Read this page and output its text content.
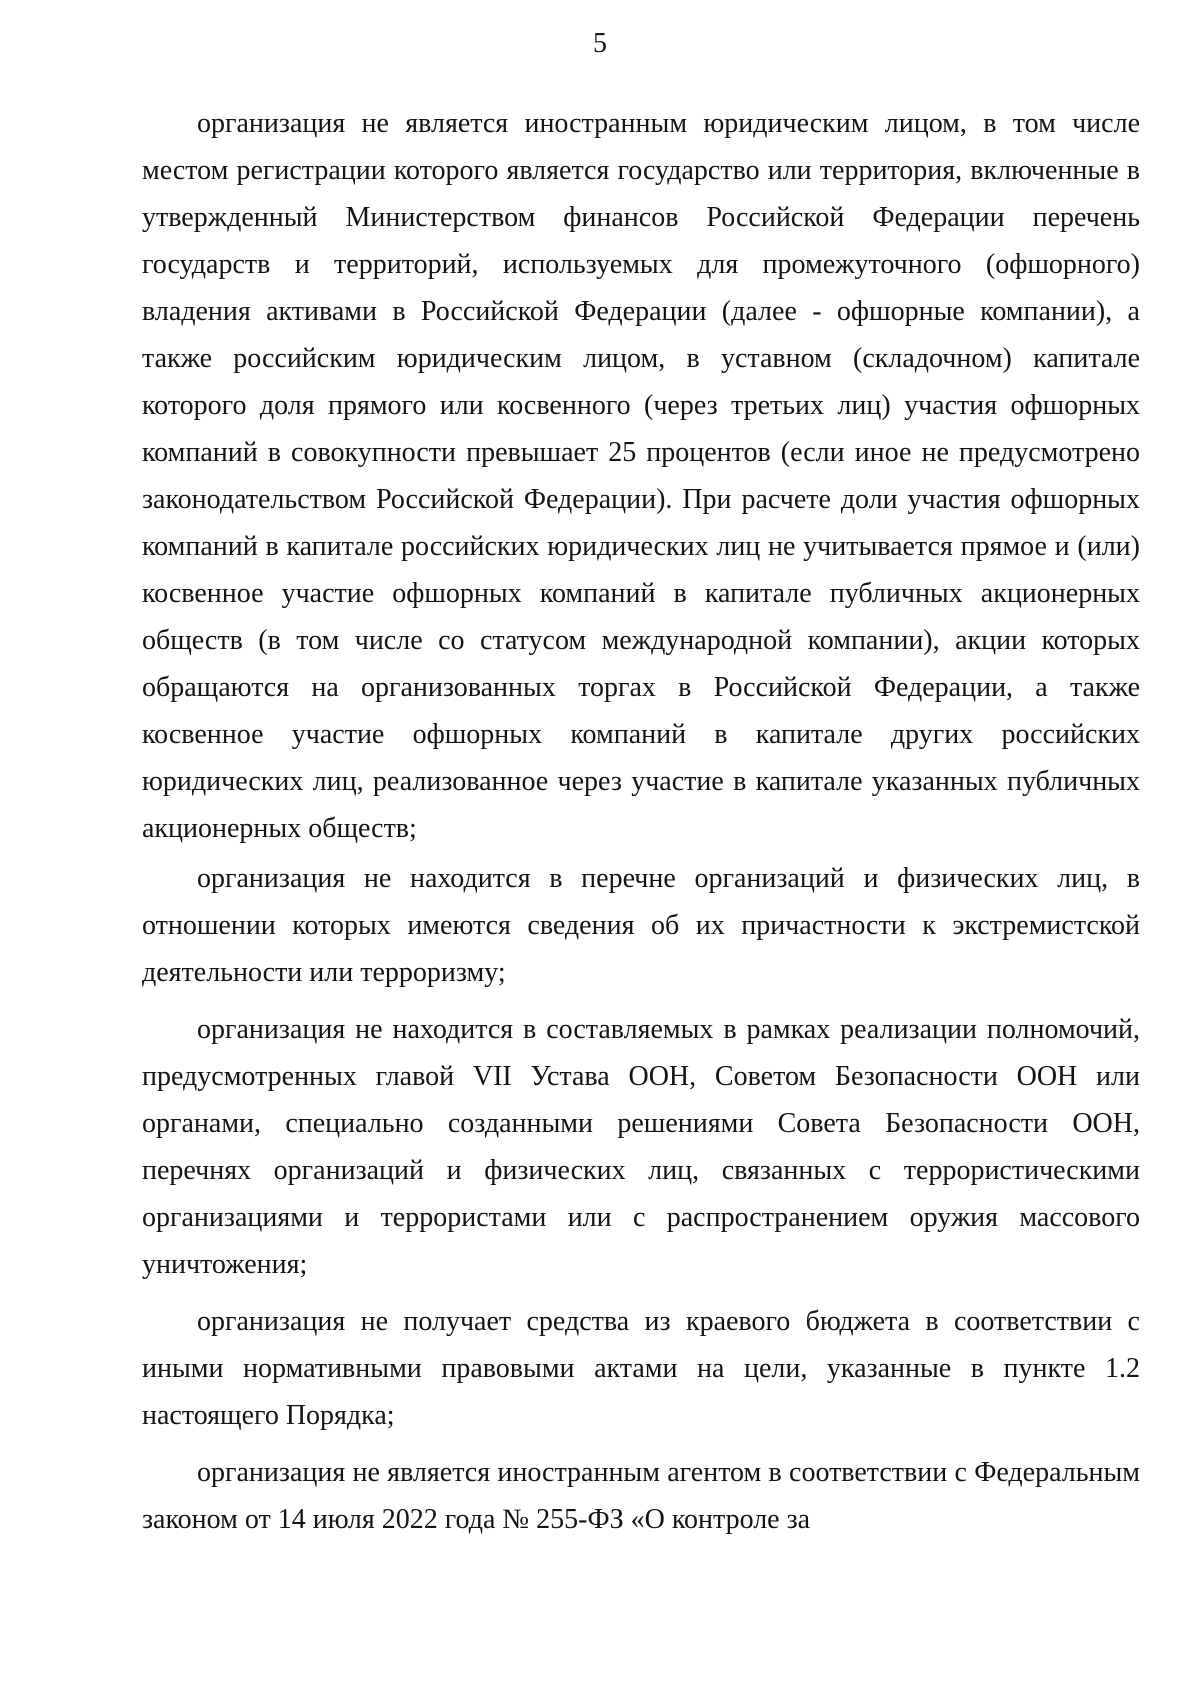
5

организация не является иностранным юридическим лицом, в том числе местом регистрации которого является государство или территория, включенные в утвержденный Министерством финансов Российской Федерации перечень государств и территорий, используемых для промежуточного (офшорного) владения активами в Российской Федерации (далее - офшорные компании), а также российским юридическим лицом, в уставном (складочном) капитале которого доля прямого или косвенного (через третьих лиц) участия офшорных компаний в совокупности превышает 25 процентов (если иное не предусмотрено законодательством Российской Федерации). При расчете доли участия офшорных компаний в капитале российских юридических лиц не учитывается прямое и (или) косвенное участие офшорных компаний в капитале публичных акционерных обществ (в том числе со статусом международной компании), акции которых обращаются на организованных торгах в Российской Федерации, а также косвенное участие офшорных компаний в капитале других российских юридических лиц, реализованное через участие в капитале указанных публичных акционерных обществ;

организация не находится в перечне организаций и физических лиц, в отношении которых имеются сведения об их причастности к экстремистской деятельности или терроризму;

организация не находится в составляемых в рамках реализации полномочий, предусмотренных главой VII Устава ООН, Советом Безопасности ООН или органами, специально созданными решениями Совета Безопасности ООН, перечнях организаций и физических лиц, связанных с террористическими организациями и террористами или с распространением оружия массового уничтожения;

организация не получает средства из краевого бюджета в соответствии с иными нормативными правовыми актами на цели, указанные в пункте 1.2 настоящего Порядка;

организация не является иностранным агентом в соответствии с Федеральным законом от 14 июля 2022 года № 255-ФЗ «О контроле за
